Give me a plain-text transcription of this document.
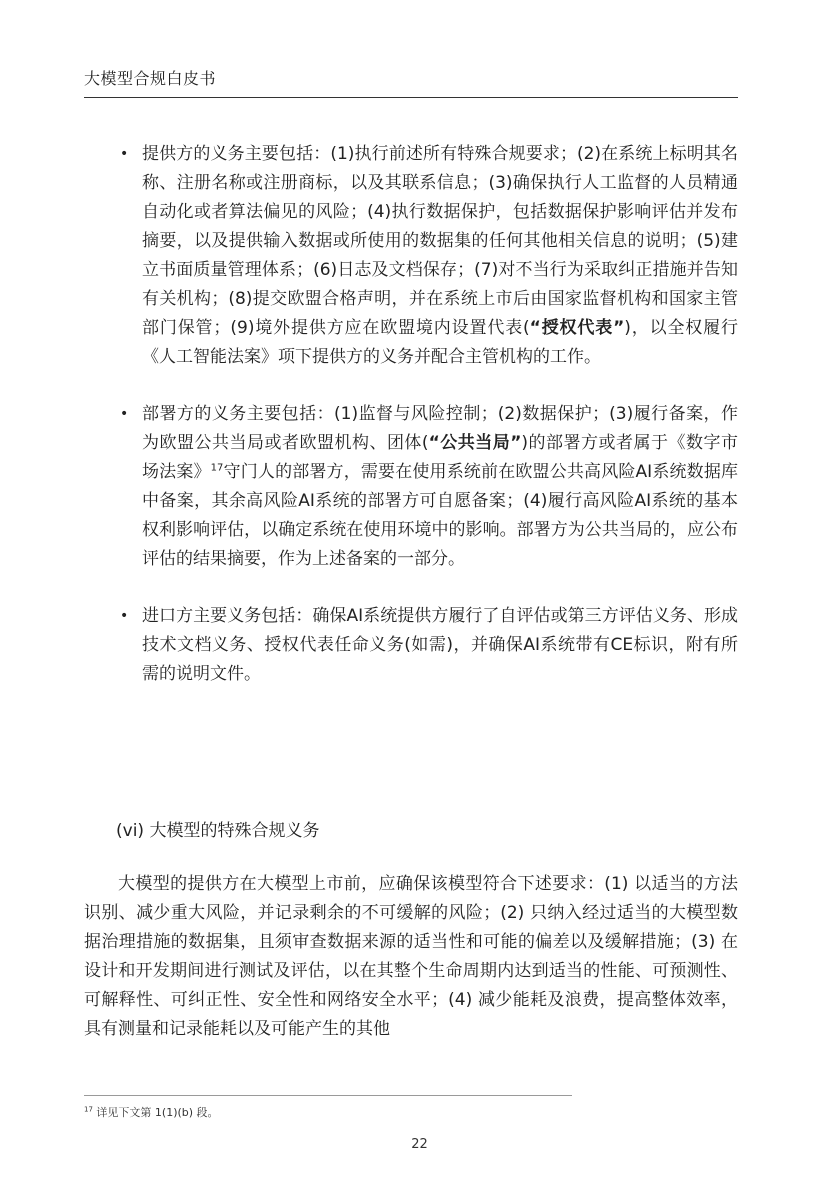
大模型合规白皮书
• 提供方的义务主要包括：(1)执行前述所有特殊合规要求；(2)在系统上标明其名称、注册名称或注册商标，以及其联系信息；(3)确保执行人工监督的人员精通自动化或者算法偏见的风险；(4)执行数据保护，包括数据保护影响评估并发布摘要，以及提供输入数据或所使用的数据集的任何其他相关信息的说明；(5)建立书面质量管理体系；(6)日志及文档保存；(7)对不当行为采取纠正措施并告知有关机构；(8)提交欧盟合格声明，并在系统上市后由国家监督机构和国家主管部门保管；(9)境外提供方应在欧盟境内设置代表(“授权代表”)，以全权履行《人工智能法案》项下提供方的义务并配合主管机构的工作。
• 部署方的义务主要包括：(1)监督与风险控制；(2)数据保护；(3)履行备案，作为欧盟公共当局或者欧盟机构、团体(“公共当局”)的部署方或者属于《数字市场法案》$^{17}$守门人的部署方，需要在使用系统前在欧盟公共高风险AI系统数据库中备案，其余高风险AI系统的部署方可自愿备案；(4)履行高风险AI系统的基本权利影响评估，以确定系统在使用环境中的影响。部署方为公共当局的，应公布评估的结果摘要，作为上述备案的一部分。
• 进口方主要义务包括：确保AI系统提供方履行了自评估或第三方评估义务、形成技术文档义务、授权代表任命义务(如需)，并确保AI系统带有CE标识，附有所需的说明文件。
(vi) 大模型的特殊合规义务

大模型的提供方在大模型上市前，应确保该模型符合下述要求：(1) 以适当的方法识别、减少重大风险，并记录剩余的不可缓解的风险；(2) 只纳入经过适当的大模型数据治理措施的数据集，且须审查数据来源的适当性和可能的偏差以及缓解措施；(3) 在设计和开发期间进行测试及评估，以在其整个生命周期内达到适当的性能、可预测性、可解释性、可纠正性、安全性和网络安全水平；(4) 减少能耗及浪费，提高整体效率，具有测量和记录能耗以及可能产生的其他

$^{17}$ 详见下文第 1(1)(b) 段。
22
